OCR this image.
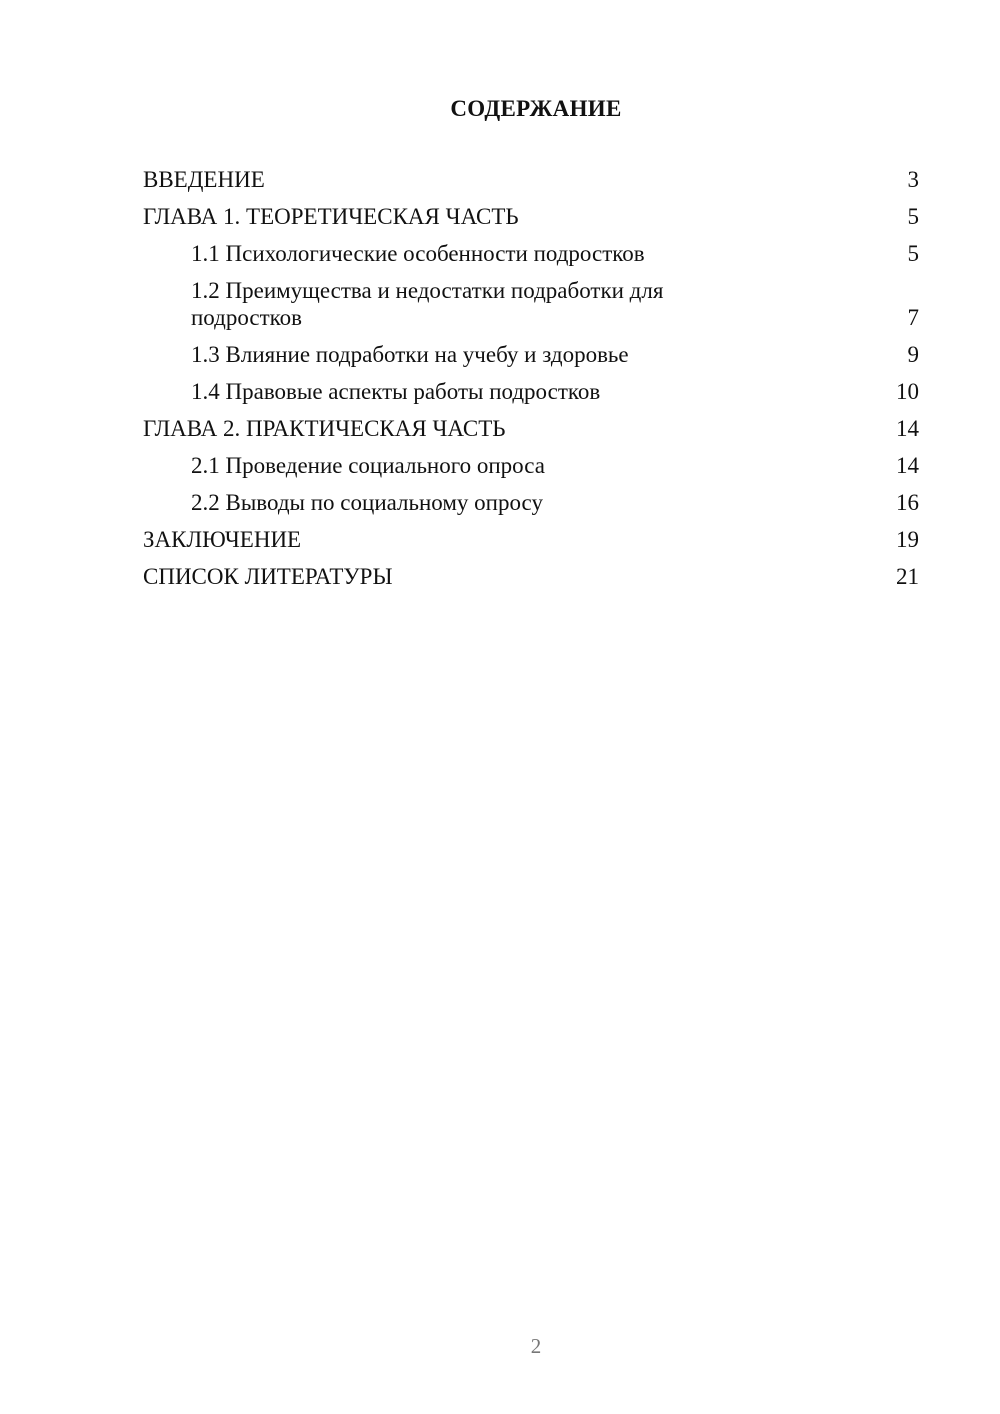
СОДЕРЖАНИЕ
ВВЕДЕНИЕ	3
ГЛАВА 1. ТЕОРЕТИЧЕСКАЯ ЧАСТЬ	5
1.1 Психологические особенности подростков	5
1.2 Преимущества и недостатки подработки для подростков	7
1.3 Влияние подработки на учебу и здоровье	9
1.4 Правовые аспекты работы подростков	10
ГЛАВА 2. ПРАКТИЧЕСКАЯ ЧАСТЬ	14
2.1 Проведение социального опроса	14
2.2 Выводы по социальному опросу	16
ЗАКЛЮЧЕНИЕ	19
СПИСОК ЛИТЕРАТУРЫ	21
2
